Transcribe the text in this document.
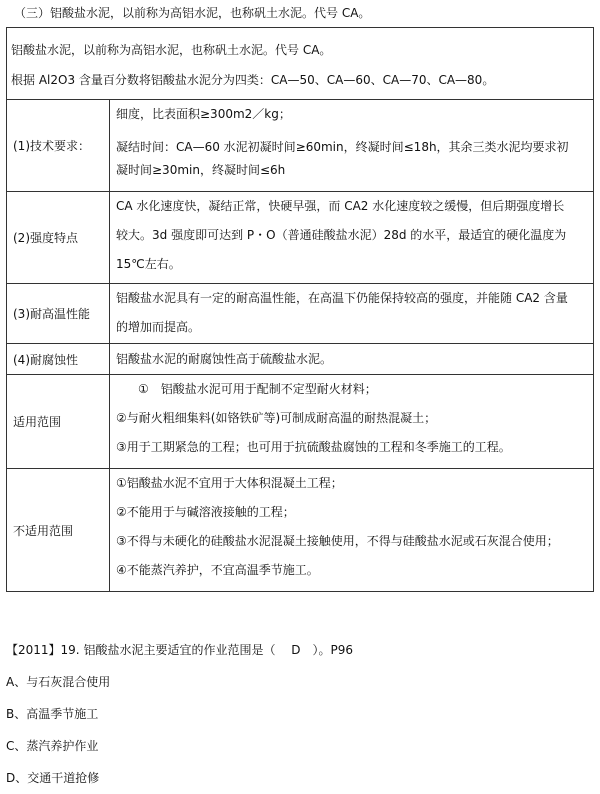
（三）铝酸盐水泥，以前称为高铝水泥，也称矾土水泥。代号 CA。

铝酸盐水泥，以前称为高铝水泥，也称矾土水泥。代号 CA。

根据 Al2O3 含量百分数将铝酸盐水泥分为四类：CA—50、CA—60、CA—70、CA—80。	

(1)技术要求：	细度，比表面积≥300m2／kg；

凝结时间：CA—60 水泥初凝时间≥60min，终凝时间≤18h，其余三类水泥均要求初

凝时间≥30min，终凝时间≤6h

(2)强度特点	CA 水化速度快，凝结正常，快硬早强，而 CA2 水化速度较之缓慢，但后期强度增长

较大。3d 强度即可达到 P・O（普通硅酸盐水泥）28d 的水平，最适宜的硬化温度为

15℃左右。

(3)耐高温性能	铝酸盐水泥具有一定的耐高温性能，在高温下仍能保持较高的强度，并能随 CA2 含量

的增加而提高。

(4)耐腐蚀性	铝酸盐水泥的耐腐蚀性高于硫酸盐水泥。

适用范围	①　铝酸盐水泥可用于配制不定型耐火材料；

②与耐火粗细集料(如铬铁矿等)可制成耐高温的耐热混凝土；

③用于工期紧急的工程；也可用于抗硫酸盐腐蚀的工程和冬季施工的工程。

不适用范围	①铝酸盐水泥不宜用于大体积混凝土工程；

②不能用于与碱溶液接触的工程；

③不得与未硬化的硅酸盐水泥混凝土接触使用，不得与硅酸盐水泥或石灰混合使用；

④不能蒸汽养护，不宜高温季节施工。

【2011】19. 铝酸盐水泥主要适宜的作业范围是（　 D　）。P96

A、与石灰混合使用

B、高温季节施工

C、蒸汽养护作业

D、交通干道抢修
